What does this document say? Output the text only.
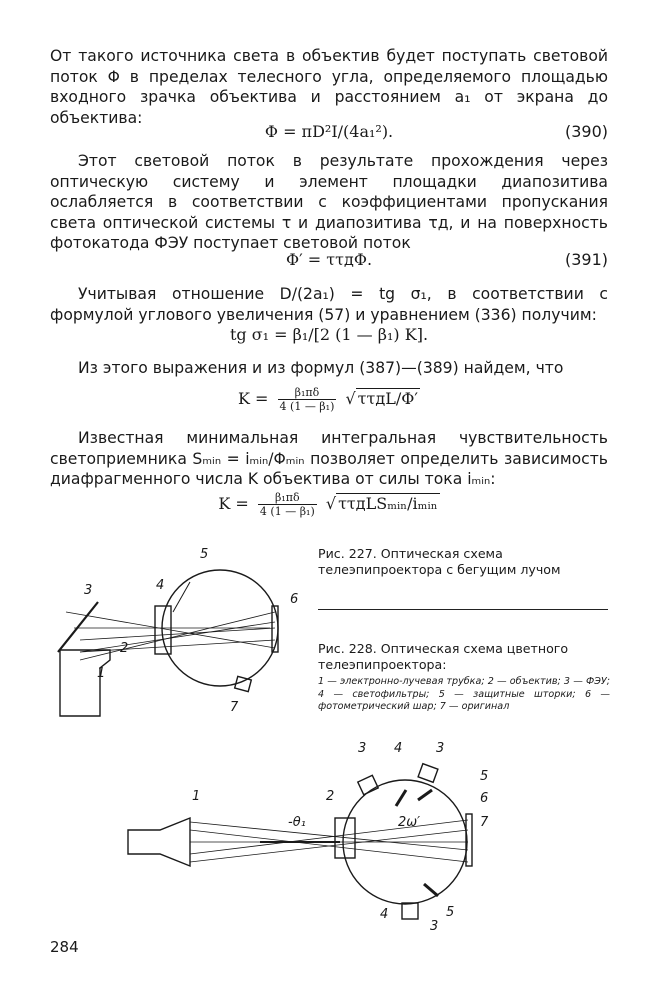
От такого источника света в объектив будет поступать световой поток Φ в пределах телесного угла, определяемого площадью входного зрачка объектива и расстоянием a₁ от экрана до объектива:

Φ = πD²I/(4a₁²).	(390)

Этот световой поток в результате прохождения через оптическую систему и элемент площадки диапозитива ослабляется в соответствии с коэффициентами пропускания света оптической системы τ и диапозитива τд, и на поверхность фотокатода ФЭУ поступает световой поток

Φ′ = ττдΦ.	(391)

Учитывая отношение D/(2a₁) = tg σ₁, в соответствии с формулой углового увеличения (57) и уравнением (336) получим:

tg σ₁ = β₁/[2 (1 — β₁) K].

Из этого выражения и из формул (387)—(389) найдем, что

$K = \frac{\text{β₁πδ}}{\text{4 (1 — β₁)}}$ √ ττдL/Φ′

Известная минимальная интегральная чувствительность светоприемника Sₘᵢₙ = iₘᵢₙ/Φₘᵢₙ позволяет определить зависимость диафрагменного числа K объектива от силы тока iₘᵢₙ:

$K = \frac{\text{β₁πδ}}{\text{4 (1 — β₁)}}$ √ ττдLSₘᵢₙ/iₘᵢₙ

Рис. 227. Оптическая схема телеэпипроектора с бегущим лучом

Рис. 228. Оптическая схема цветного телеэпипроектора:

1 — электронно-лучевая трубка; 2 — объектив; 3 — ФЭУ; 4 — светофильтры; 5 — защитные шторки; 6 — фотометрический шар; 7 — оригинал

5
4
3
6
2
1
7
1
-θ₁
2
3 4	3
5
6
7
2ω′
4
3
5
284
